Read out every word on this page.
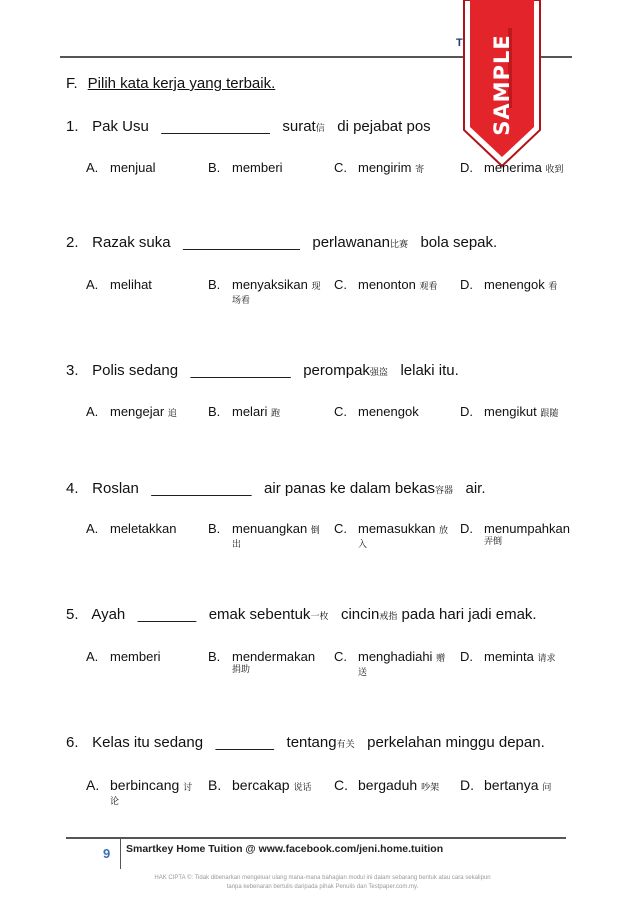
T	SAMPLE
F. Pilih kata kerja yang terbaik.
1. Pak Usu _____________ surat信 di pejabat pos
A. menjual	B. memberi	C. mengirim 寄	D. menerima 收到
2. Razak suka ______________ perlawanan比赛 bola sepak.
A. melihat	B. menyaksikan 现
场看
C. menonton 观看 D. menengok 看
3. Polis sedang ____________ perompak强盗 lelaki itu.
A. mengejar 追 B. melari 跑	C. menengok	D. mengikut 跟随
4. Roslan ____________ air panas ke dalam bekas容器 air.
A. meletakkan B. menuangkan 倒
出
C. memasukkan 放
入
D. menumpahkan
弄倒
5. Ayah _______ emak sebentuk一枚 cincin戒指 pada hari jadi emak.
A. memberi	B. mendermakan
捐助
C. menghadiahi 赠
送
D. meminta 请求
6. Kelas itu sedang _______ tentang有关 perkelahan minggu depan.
A. berbincang 讨
论
B. bercakap 说话 C. bergaduh 吵架 D. bertanya 问
9 Smartkey Home Tuition @ www.facebook.com/jeni.home.tuition
HAK CIPTA ©: Tidak dibenarkan mengeluar ulang mana-mana bahagian modul ini dalam sebarang bentuk atau cara sekalipun tanpa kebenaran bertulis daripada pihak Penulis dan Testpaper.com.my.
